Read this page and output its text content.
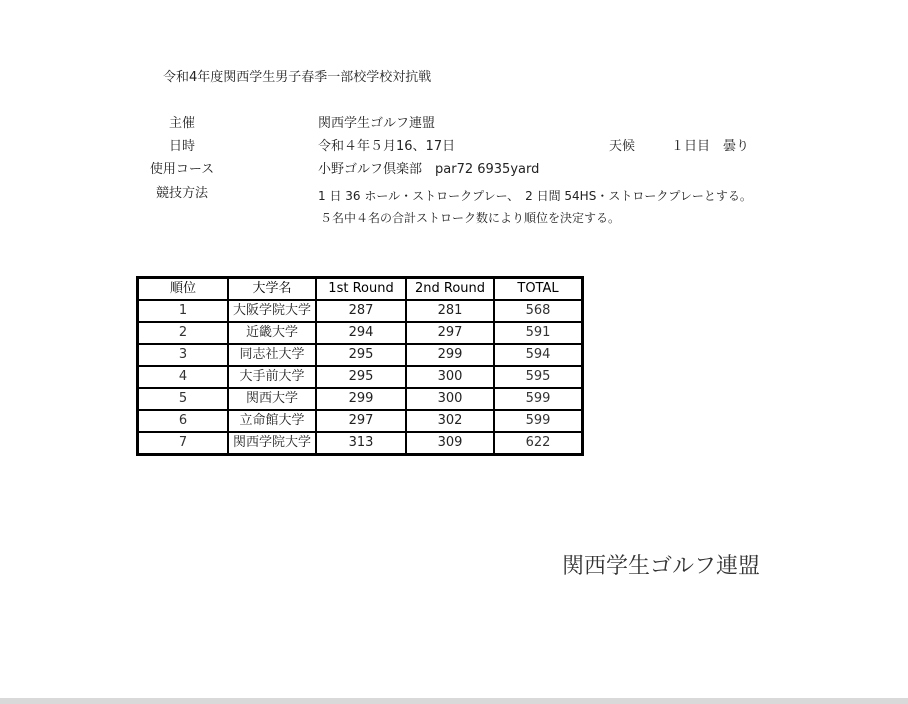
令和4年度関西学生男子春季一部校学校対抗戦
主催	関西学生ゴルフ連盟
日時	令和４年５月16、17日	天候	１日目　曇り
使用コース	小野ゴルフ倶楽部　par72 6935yard
競技方法	1 日 36 ホール・ストロークプレー、　2 日間 54HS・ストロークプレーとする。
５名中４名の合計ストローク数により順位を決定する。
順位	大学名	1st Round	2nd Round	TOTAL
1	大阪学院大学	287	281	568
2	近畿大学	294	297	591
3	同志社大学	295	299	594
4	大手前大学	295	300	595
5	関西大学	299	300	599
6	立命館大学	297	302	599
7	関西学院大学	313	309	622
関西学生ゴルフ連盟
